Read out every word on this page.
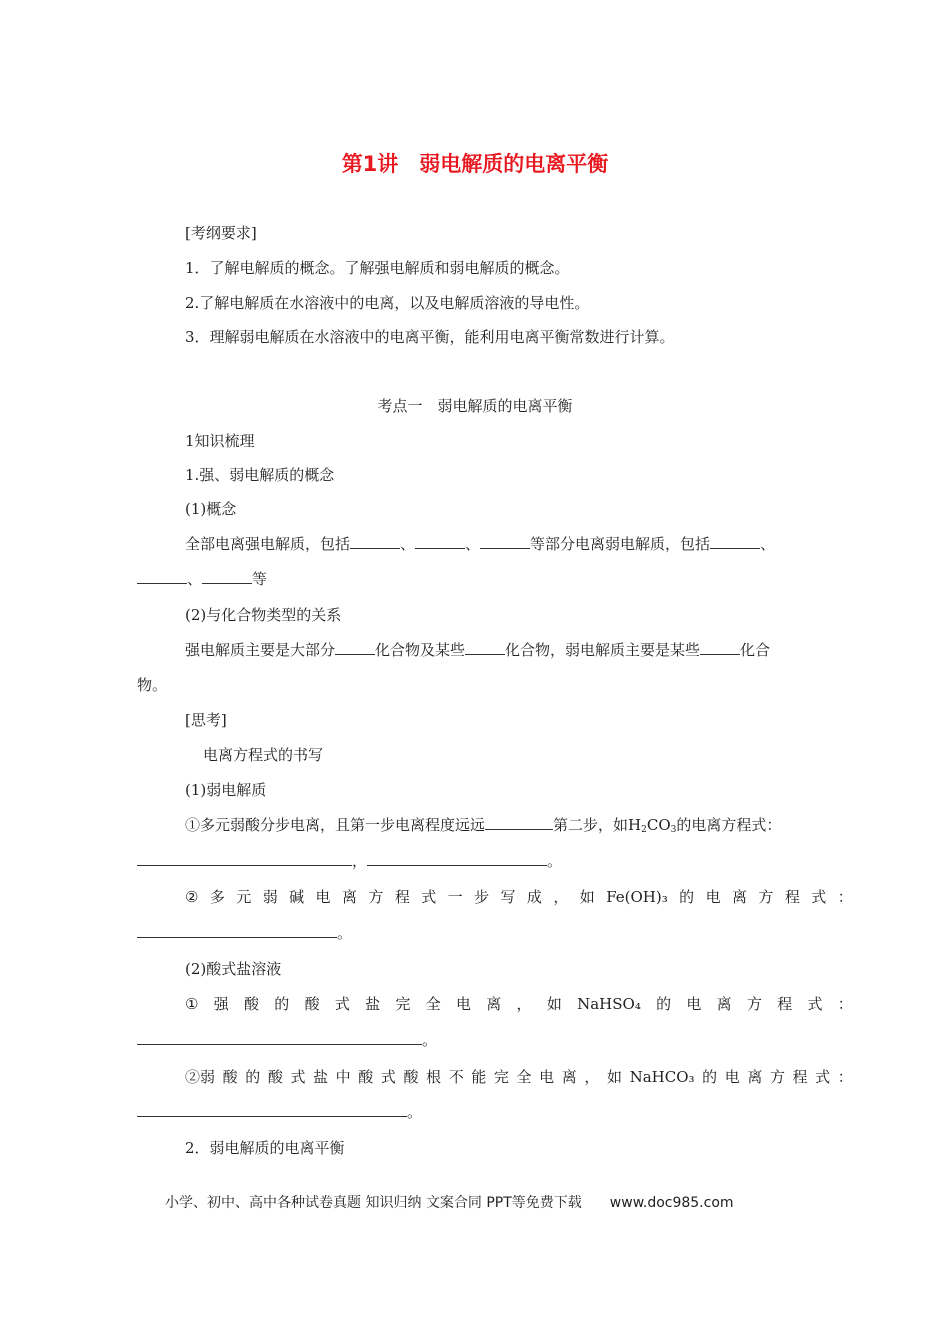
第1讲　弱电解质的电离平衡
[考纲要求]
1．了解电解质的概念。了解强电解质和弱电解质的概念。
2.了解电解质在水溶液中的电离，以及电解质溶液的导电性。
3．理解弱电解质在水溶液中的电离平衡，能利用电离平衡常数进行计算。
考点一　弱电解质的电离平衡
1知识梳理
1.强、弱电解质的概念
(1)概念
全部电离强电解质，包括	、	、	等部分电离弱电解质，包括	、
、	等
(2)与化合物类型的关系
强电解质主要是大部分	化合物及某些	化合物，弱电解质主要是某些	化合
物。
[思考]
电离方程式的书写
(1)弱电解质
①多元弱酸分步电离，且第一步电离程度远远	第二步，如$H_2CO_3$的电离方程式：
，	。
② 多 元 弱 碱 电 离 方 程 式 一 步 写 成 ， 如 Fe(OH)₃ 的 电 离 方 程 式 ：
。
(2)酸式盐溶液
① 强 酸 的 酸 式 盐 完 全 电 离 ， 如 NaHSO₄ 的 电 离 方 程 式 ：
。
②弱 酸 的 酸 式 盐 中 酸 式 酸 根 不 能 完 全 电 离 ， 如 NaHCO₃ 的 电 离 方 程 式 ：
。
2．弱电解质的电离平衡
小学、初中、高中各种试卷真题 知识归纳 文案合同 PPT等免费下载 www.doc985.com
